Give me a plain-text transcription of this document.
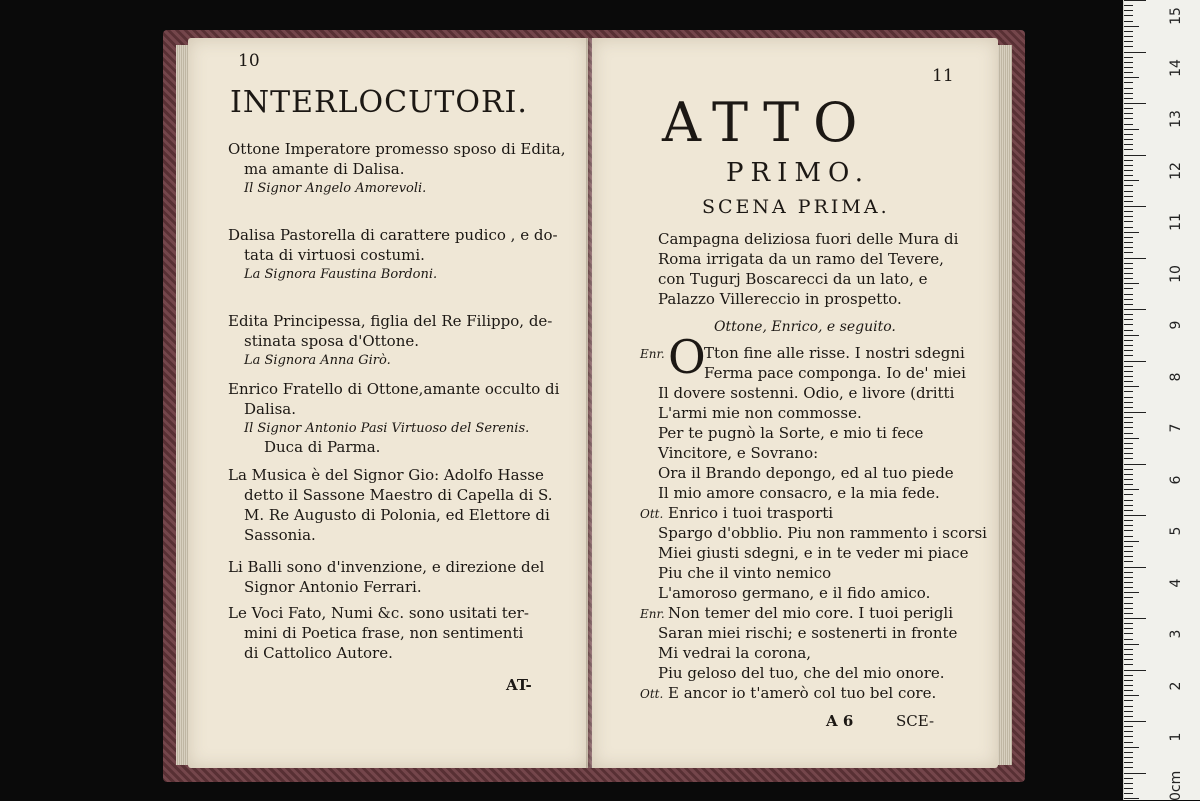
10
INTERLOCUTORI.
Ottone Imperatore promesso sposo di Edita,
ma amante di Dalisa.
Il Signor Angelo Amorevoli.
Dalisa Pastorella di carattere pudico , e do-
tata di virtuosi costumi.
La Signora Faustina Bordoni.
Edita Principessa, figlia del Re Filippo, de-
stinata sposa d'Ottone.
La Signora Anna Girò.
Enrico Fratello di Ottone,amante occulto di
Dalisa.
Il Signor Antonio Pasi Virtuoso del Serenis.
Duca di Parma.
La Musica è del Signor Gio: Adolfo Hasse
detto il Sassone Maestro di Capella di S.
M. Re Augusto di Polonia, ed Elettore di
Sassonia.
Li Balli sono d'invenzione, e direzione del
Signor Antonio Ferrari.
Le Voci Fato, Numi &c. sono usitati ter-
mini di Poetica frase, non sentimenti
di Cattolico Autore.
AT-
11
ATTO
PRIMO.
SCENA PRIMA.
Campagna deliziosa fuori delle Mura di
Roma irrigata da un ramo del Tevere,
con Tugurj Boscarecci da un lato, e
Palazzo Villereccio in prospetto.
Ottone, Enrico, e seguito.
O
Enr.	Tton fine alle risse. I nostri sdegni
Ferma pace componga. Io de' miei
Il dovere sostenni. Odio, e livore (dritti
L'armi mie non commosse.
Per te pugnò la Sorte, e mio ti fece
Vincitore, e Sovrano:
Ora il Brando depongo, ed al tuo piede
Il mio amore consacro, e la mia fede.
Ott. Enrico i tuoi trasporti
Spargo d'obblio. Piu non rammento i scorsi
Miei giusti sdegni, e in te veder mi piace
Piu che il vinto nemico
L'amoroso germano, e il fido amico.
Enr. Non temer del mio core. I tuoi perigli
Saran miei rischi; e sostenerti in fronte
Mi vedrai la corona,
Piu geloso del tuo, che del mio onore.
Ott. E ancor io t'amerò col tuo bel core.
A 6	SCE-
15
14
13
12
11
10
9
8
7
6
5
4
3
2
1
0cm
